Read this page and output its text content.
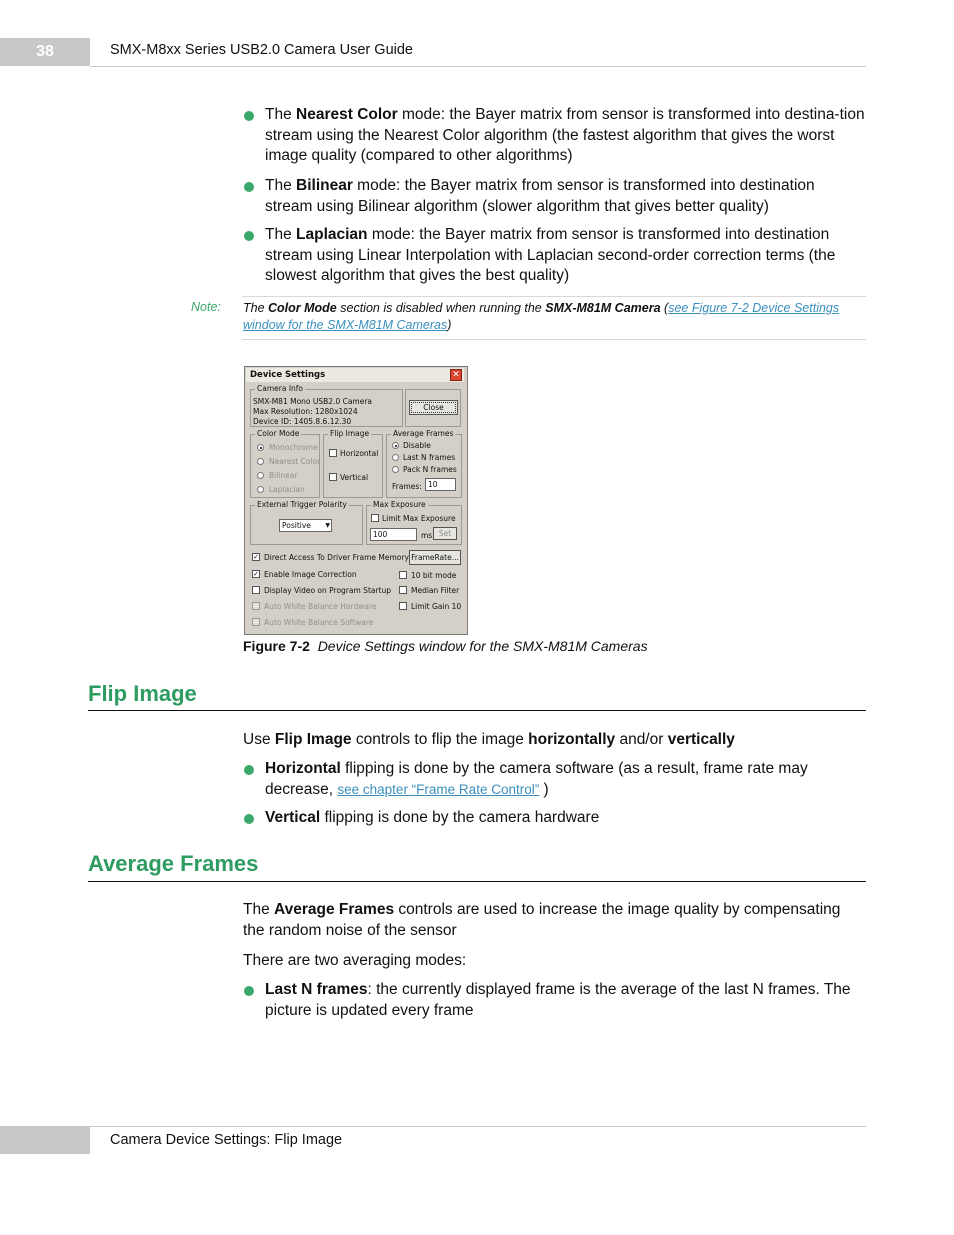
38	SMX-M8xx Series USB2.0 Camera User Guide
The Nearest Color mode: the Bayer matrix from sensor is transformed into destina-tion stream using the Nearest Color algorithm (the fastest algorithm that gives the worst image quality (compared to other algorithms)
The Bilinear mode: the Bayer matrix from sensor is transformed into destination stream using Bilinear algorithm (slower algorithm that gives better quality)
The Laplacian mode: the Bayer matrix from sensor is transformed into destination stream using Linear Interpolation with Laplacian second-order correction terms (the slowest algorithm that gives the best quality)
Note: The Color Mode section is disabled when running the SMX-M81M Camera (see Figure 7-2 Device Settings window for the SMX-M81M Cameras)
Device Settings	✕
Camera Info
SMX-M81 Mono USB2.0 Camera
Max Resolution: 1280x1024
Device ID: 1405.8.6.12.30
Close
Color Mode
Monochrome
Nearest Color
Bilinear
Laplacian
Flip Image
Horizontal
Vertical
Average Frames
Disable
Last N frames
Pack N frames
Frames: 10
External Trigger Polarity
Positive ▼
Max Exposure
Limit Max Exposure
100	ms Set
✓ Direct Access To Driver Frame Memory FrameRate...
✓ Enable Image Correction	10 bit mode
Display Video on Program Startup	Median Filter
Auto White Balance Hardware	Limit Gain 10
Auto White Balance Software
Figure 7-2 Device Settings window for the SMX-M81M Cameras
Flip Image
Use Flip Image controls to flip the image horizontally and/or vertically
Horizontal flipping is done by the camera software (as a result, frame rate may decrease, see chapter “Frame Rate Control” )
Vertical flipping is done by the camera hardware
Average Frames
The Average Frames controls are used to increase the image quality by compensating the random noise of the sensor
There are two averaging modes:
Last N frames: the currently displayed frame is the average of the last N frames. The picture is updated every frame
Camera Device Settings: Flip Image
